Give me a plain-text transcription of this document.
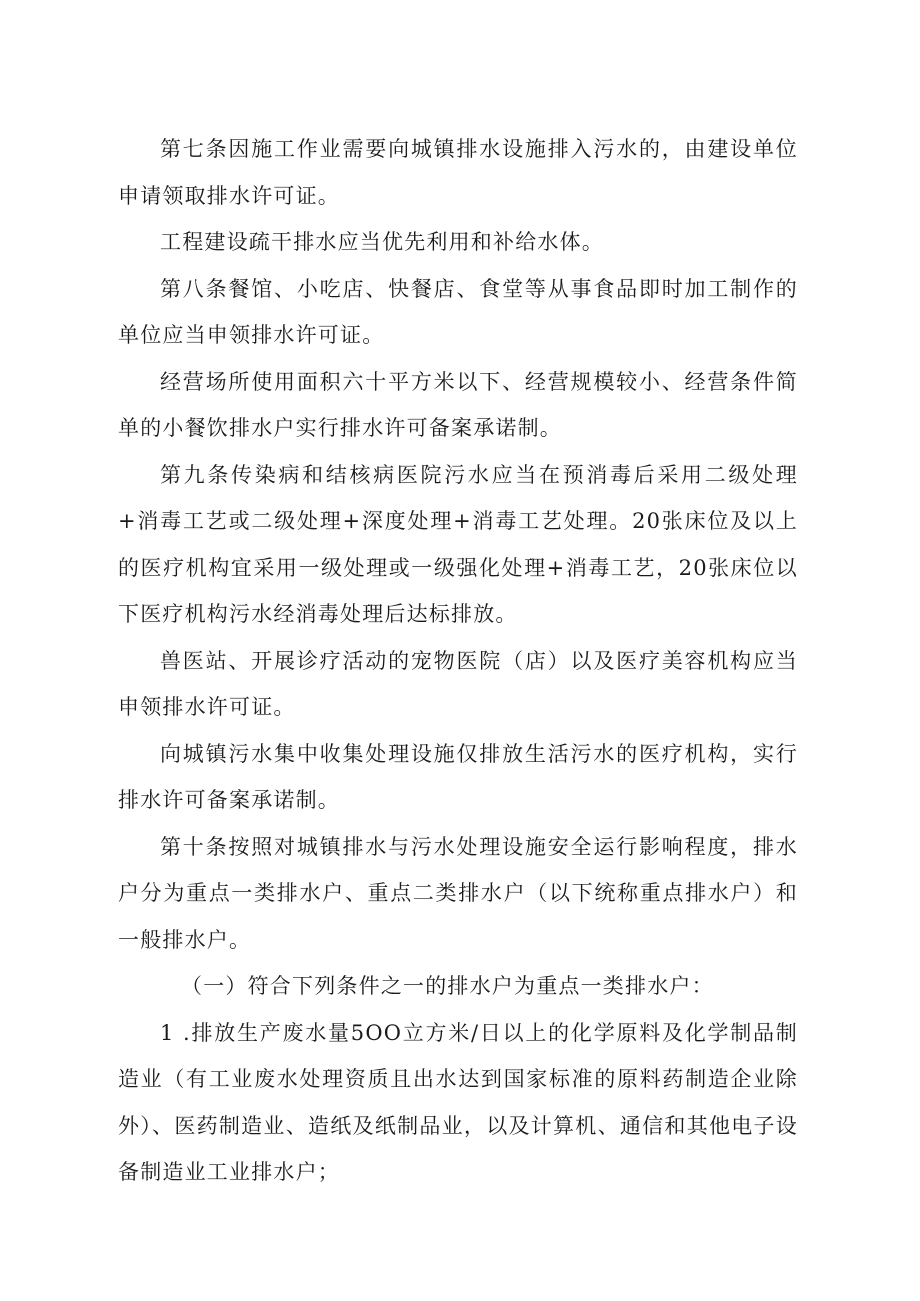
第七条因施工作业需要向城镇排水设施排入污水的，由建设单位申请领取排水许可证。

工程建设疏干排水应当优先利用和补给水体。

第八条餐馆、小吃店、快餐店、食堂等从事食品即时加工制作的单位应当申领排水许可证。

经营场所使用面积六十平方米以下、经营规模较小、经营条件简单的小餐饮排水户实行排水许可备案承诺制。

第九条传染病和结核病医院污水应当在预消毒后采用二级处理+消毒工艺或二级处理+深度处理+消毒工艺处理。20张床位及以上的医疗机构宜采用一级处理或一级强化处理+消毒工艺，20张床位以下医疗机构污水经消毒处理后达标排放。

兽医站、开展诊疗活动的宠物医院（店）以及医疗美容机构应当申领排水许可证。

向城镇污水集中收集处理设施仅排放生活污水的医疗机构，实行排水许可备案承诺制。

第十条按照对城镇排水与污水处理设施安全运行影响程度，排水户分为重点一类排水户、重点二类排水户（以下统称重点排水户）和一般排水户。

（一）符合下列条件之一的排水户为重点一类排水户：

1 .排放生产废水量5OO立方米/日以上的化学原料及化学制品制造业（有工业废水处理资质且出水达到国家标准的原料药制造企业除外）、医药制造业、造纸及纸制品业，以及计算机、通信和其他电子设备制造业工业排水户；
